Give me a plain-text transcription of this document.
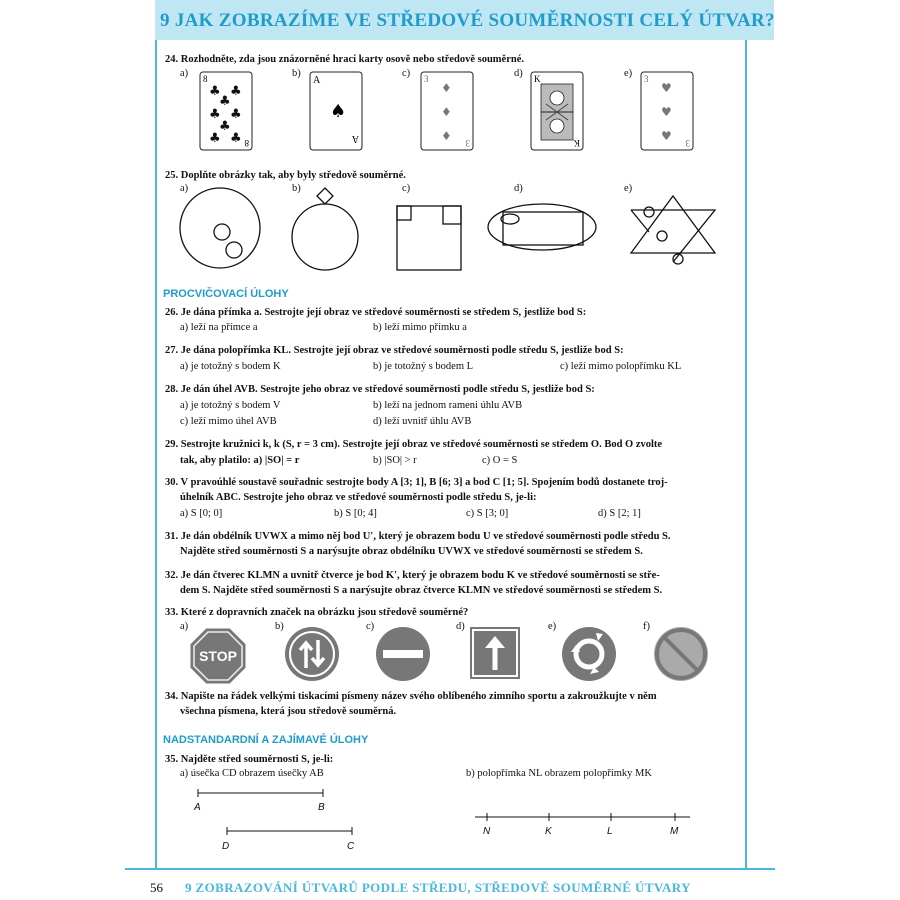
9 JAK ZOBRAZÍME VE STŘEDOVÉ SOUMĚRNOSTI CELÝ ÚTVAR?
24. Rozhodněte, zda jsou znázorněné hrací karty osově nebo středově souměrné.
a)	b)	c)	d)	e)
8
8
♣ ♣
♣
♣ ♣
♣
♣ ♣
A
♠
A
3
♦
♦
♦ 3
K
K
3
♥
♥
♥ 3
25. Doplňte obrázky tak, aby byly středově souměrné.
a)	b)	c)	d)	e)
PROCVIČOVACÍ ÚLOHY
26. Je dána přímka a. Sestrojte její obraz ve středové souměrnosti se středem S, jestliže bod S:
a) leží na přímce a	b) leží mimo přímku a
27. Je dána polopřímka KL. Sestrojte její obraz ve středové souměrnosti podle středu S, jestliže bod S:
a) je totožný s bodem K	b) je totožný s bodem L	c) leží mimo polopřímku KL
28. Je dán úhel AVB. Sestrojte jeho obraz ve středové souměrnosti podle středu S, jestliže bod S:
a) je totožný s bodem V	b) leží na jednom rameni úhlu AVB
c) leží mimo úhel AVB	d) leží uvnitř úhlu AVB
29. Sestrojte kružnici k, k (S, r = 3 cm). Sestrojte její obraz ve středové souměrnosti se středem O. Bod O zvolte
tak, aby platilo: a) |SO| = r	b) |SO| > r	c) O = S
30. V pravoúhlé soustavě souřadnic sestrojte body A [3; 1], B [6; 3] a bod C [1; 5]. Spojením bodů dostanete troj-
úhelník ABC. Sestrojte jeho obraz ve středové souměrnosti podle středu S, je-li:
a) S [0; 0]	b) S [0; 4]	c) S [3; 0]	d) S [2; 1]
31. Je dán obdélník UVWX a mimo něj bod U′, který je obrazem bodu U ve středové souměrnosti podle středu S.
Najděte střed souměrnosti S a narýsujte obraz obdélníku UVWX ve středové souměrnosti se středem S.
32. Je dán čtverec KLMN a uvnitř čtverce je bod K′, který je obrazem bodu K ve středové souměrnosti se stře-
dem S. Najděte střed souměrnosti S a narýsujte obraz čtverce KLMN ve středové souměrnosti se středem S.
33. Které z dopravních značek na obrázku jsou středově souměrné?
a)	b)	c)	d)	e)	f)
STOP
34. Napište na řádek velkými tiskacími písmeny název svého oblíbeného zimního sportu a zakroužkujte v něm
všechna písmena, která jsou středově souměrná.
NADSTANDARDNÍ A ZAJÍMAVÉ ÚLOHY
35. Najděte střed souměrnosti S, je-li:
a) úsečka CD obrazem úsečky AB	b) polopřímka NL obrazem polopřímky MK
A	B
D	C
N	K	L	M
56 9 ZOBRAZOVÁNÍ ÚTVARŮ PODLE STŘEDU, STŘEDOVĚ SOUMĚRNÉ ÚTVARY
